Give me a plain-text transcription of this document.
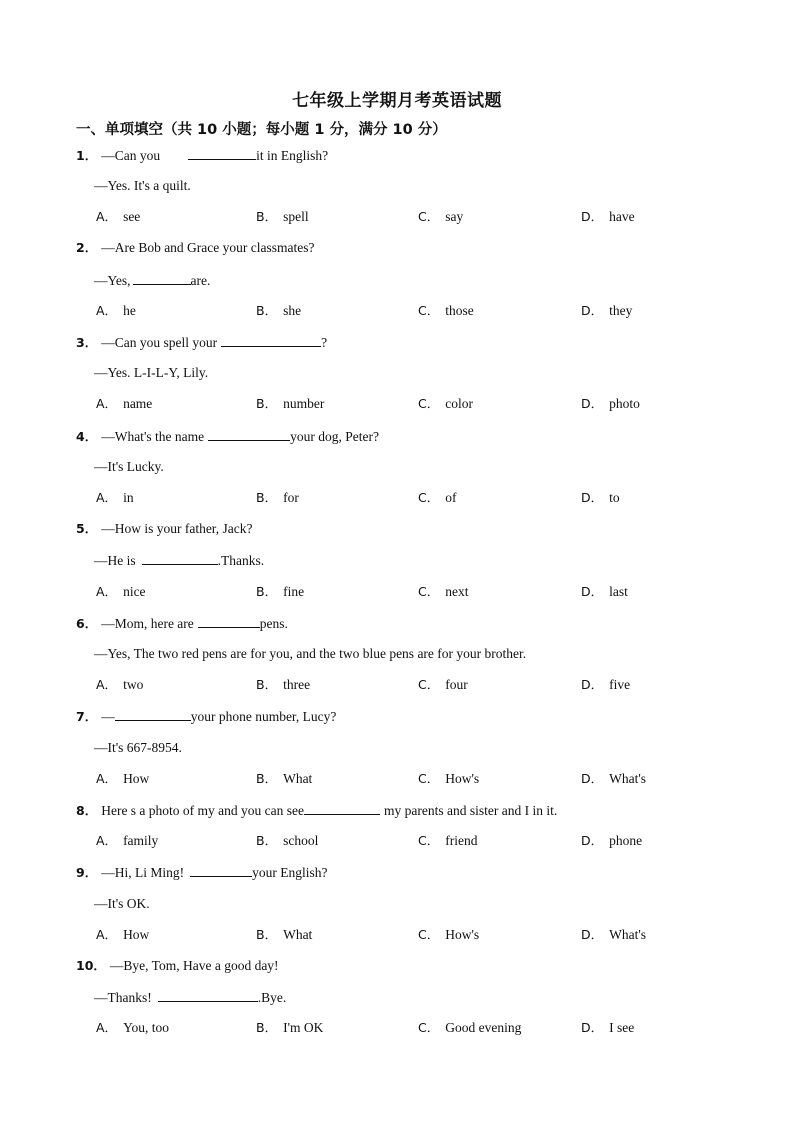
七年级上学期月考英语试题
一、单项填空（共 10 小题；每小题 1 分，满分 10 分）
1． —Can you	it in English?
—Yes. It's a quilt.
A． see	B． spell	C． say	D． have
2． —Are Bob and Grace your classmates?
—Yes,	are.
A． he	B． she	C． those	D． they
3． —Can you spell your	?
—Yes. L-I-L-Y, Lily.
A． name	B． number	C． color	D． photo
4． —What's the name	your dog, Peter?
—It's Lucky.
A． in	B． for	C． of	D． to
5． —How is your father, Jack?
—He is	.Thanks.
A． nice	B． fine	C． next	D． last
6． —Mom, here are	pens.
—Yes, The two red pens are for you, and the two blue pens are for your brother.
A． two	B． three	C． four	D． five
7． —	your phone number, Lucy?
—It's 667-8954.
A． How	B． What	C． How's	D． What's
8． Here s a photo of my and you can see	my parents and sister and I in it.
A． family	B． school	C． friend	D． phone
9． —Hi, Li Ming!	your English?
—It's OK.
A． How	B． What	C． How's	D． What's
10． —Bye, Tom, Have a good day!
—Thanks!	.Bye.
A． You, too	B． I'm OK	C． Good evening	D． I see
